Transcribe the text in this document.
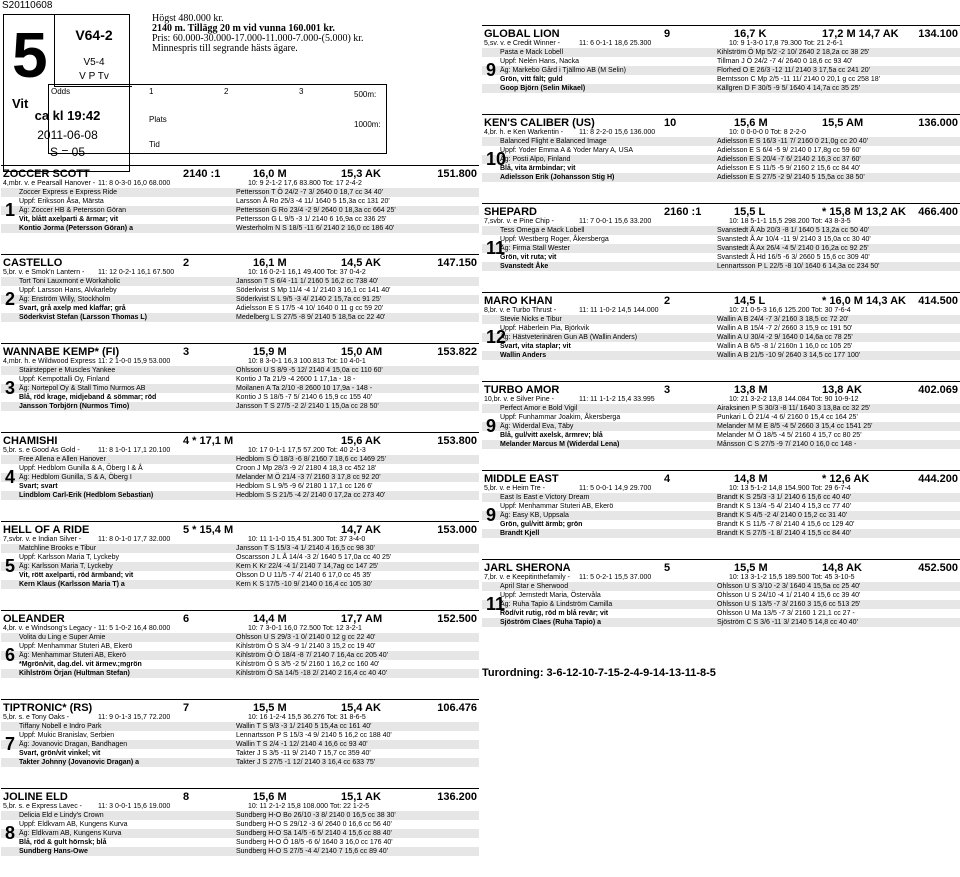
S20110608
5	V64-2
V5-4
V P Tv
Vit
ca kl 19:42
2011-06-08
S = 05
Högst 480.000 kr.
2140 m. Tillägg 20 m vid vunna 160.001 kr.
Pris: 60.000-30.000-17.000-11.000-7.000-(5.000) kr.
Minnespris till segrande hästs ägare.
Odds	1	2	3
Plats
Tid
500m:
1000m:
ZOCCER SCOTT	2140 :1	16,0 M	15,3 AK	151.800
4,mbr. v. e Pearsall Hanover - 11: 8 0-3-0 16,0 68.000	10: 9 2-1-2 17,6 83.800 Tot: 17 2-4-2
Zoccer Express e Express Ride	Pettersson T Ö 24/2 -7 3/ 2640 0 18,7 cc 34 40'
Uppf: Eriksson Åsa, Märsta	Larsson Å Ro 25/3 -4 11/ 1640 5 15,3a cc 131 20'
Äg: Zoccer HB & Petersson Göran	Pettersson G Ro 23/4 -2 9/ 2640 0 18,3a cc 664 25'
Vit, blått axelparti & ärmar; vit	Pettersson G L 9/5 -3 1/ 2140 6 16,9a cc 336 25'
Kontio Jorma (Petersson Göran) a	Westerholm N S 18/5 -11 6/ 2140 2 16,0 cc 186 40'
1
CASTELLO	2	16,1 M	14,5 AK	147.150
5,br. v. e Smok'n Lantern -	11: 12 0-2-1 16,1 67.500	10: 16 0-2-1 16,1 49.400 Tot: 37 0-4-2
Tort Toni Lauxmont e Workaholic	Jansson T S 6/4 -11 1/ 2160 5 16,2 cc 738 40'
Uppf: Larsson Hans, Alvkarleby	Söderkvist S Mp 11/4 -4 1/ 2140 3 16,1 cc 141 40'
Äg: Enström Willy, Stockholm	Söderkvist S L 9/5 -3 4/ 2140 2 15,7a cc 91 25'
Svart, grå axelp med klaffar; grå	Adielsson E S 17/5 -4 10/ 1640 0 11 g cc 59 20'
Söderkvist Stefan (Larsson Thomas L)	Medelberg L S 27/5 -8 9/ 2140 5 18,5a cc 22 40'
2
WANNABE KEMP* (FI)	3	15,9 M	15,0 AM	153.822
4,mbr. h. e Wildwood Express 11: 2 1-0-0 15,9 53.000	10: 8 3-0-1 16,3 100.813 Tot: 10 4-0-1
Stairstepper e Muscles Yankee	Ohlsson U S 8/9 -5 12/ 2140 4 15,0a cc 110 60'
Uppf: Kempottalli Oy, Finland	Kontio J Ta 21/9 -4 2600 1 17,1a - 18 -
Äg: Nortepol Oy & Stall Timo Nurmos AB	Moilanen A Ta 2/10 -8 2600 10 17,9a - 148 -
Blå, röd krage, midjeband & sömmar; röd	Kontio J S 18/5 -7 5/ 2140 6 15,9 cc 155 40'
Jansson Torbjörn (Nurmos Timo)	Jansson T S 27/5 -2 2/ 2140 1 15,0a cc 28 50'
3
CHAMISHI	4 * 17,1 M	15,6 AK	153.800
5,br. s. e Good As Gold -	11: 8 1-0-1 17,1 20.100	10: 17 0-1-1 17,5 57.200 Tot: 40 2-1-3
Free Allena e Allen Hanover	Hedblom S Ö 18/3 -6 8/ 2160 7 18,6 cc 1469 25'
Uppf: Hedblom Gunilla & A, Öberg I & Å	Croon J Mp 28/3 -9 2/ 2180 4 18,3 cc 452 18'
Äg: Hedblom Gunilla, S & A, Öberg I	Melander M Ö 21/4 -3 7/ 2160 3 17,8 cc 92 20'
Svart; svart	Hedblom S L 9/5 -9 6/ 2180 1 17,1 cc 126 6'
Lindblom Carl-Erik (Hedblom Sebastian)	Hedblom S S 21/5 -4 2/ 2140 0 17,2a cc 273 40'
4
HELL OF A RIDE	5 * 15,4 M	14,7 AK	153.000
7,svbr. v. e Indian Silver -	11: 8 0-1-0 17,7 32.000	10: 11 1-1-0 15,4 51.300 Tot: 37 3-4-0
Matchline Brooks e Tibur	Jansson T S 15/3 -4 1/ 2140 4 16,5 cc 98 30'
Uppf: Karlsson Maria T, Lyckeby	Oscarsson J L Å 14/4 -3 2/ 1640 5 17,0a cc 40 25'
Äg: Karlsson Maria T, Lyckeby	Kern K Kr 22/4 -4 1/ 2140 7 14,7ag cc 147 25'
Vit, rött axelparti, röd ärmband; vit	Olsson D U 11/5 -7 4/ 2140 6 17,0 cc 45 35'
Kern Klaus (Karlsson Maria T) a	Kern K S 17/5 -10 9/ 2140 0 16,4 cc 105 30'
5
OLEANDER	6	14,4 M	17,7 AM	152.500
4,br. v. e Windsong's Legacy - 11: 5 1-0-2 16,4 80.000	10: 7 3-0-1 16,0 72.500 Tot: 12 3-2-1
Volita du Ling e Super Arnie	Ohlsson U S 29/3 -1 0/ 2140 0 12 g cc 22 40'
Uppf: Menhammar Stuteri AB, Ekerö	Kihlström Ö S 3/4 -9 1/ 2140 3 15,2 cc 19 40'
Äg: Menhammar Stuteri AB, Ekerö	Kihlström Ö Ö 18/4 -8 7/ 2140 7 16,4a cc 205 40'
*Mgrön/vit, dag.del. vit ärmev.;mgrön	Kihlström Ö S 3/5 -2 5/ 2160 1 16,2 cc 160 40'
Kihlström Örjan (Hultman Stefan)	Kihlström Ö Sä 14/5 -18 2/ 2140 2 16,4 cc 40 40'
6
TIPTRONIC* (RS)	7	15,5 M	15,4 AK	106.476
5,br. s. e Tony Oaks -	11: 9 0-1-3 15,7 72.200	10: 16 1-2-4 15,5 36.276 Tot: 31 8-6-5
Tiffany Nobell e Indro Park	Wallin T S 9/3 -3 1/ 2140 5 15,4a cc 161 40'
Uppf: Mukic Branislav, Serbien	Lennartsson P S 15/3 -4 9/ 2140 5 16,2 cc 188 40'
Äg: Jovanovic Dragan, Bandhagen	Wallin T S 2/4 -1 12/ 2140 4 16,6 cc 93 40'
Svart, grön/vit vinkel; vit	Takter J S 3/5 -11 9/ 2140 7 15,7 cc 359 40'
Takter Johnny (Jovanovic Dragan) a	Takter J S 27/5 -1 12/ 2140 3 16,4 cc 633 75'
7
JOLINE ELD	8	15,6 M	15,1 AK	136.200
5,br. s. e Express Lavec -	11: 3 0-0-1 15,6 19.000	10: 11 2-1-2 15,8 108.000 Tot: 22 1-2-5
Delicia Eld e Lindy's Crown	Sundberg H-O Bo 26/10 -3 8/ 2140 0 16,5 cc 38 30'
Uppf: Eldkvarn AB, Kungens Kurva	Sundberg H-O S 29/12 -3 6/ 2640 0 16,6 cc 56 40'
Äg: Eldkvarn AB, Kungens Kurva	Sundberg H-O Sä 14/5 -6 5/ 2140 4 15,6 cc 88 40'
Blå, röd & gult hörnsk; blå	Sundberg H-O Ö 18/5 -6 6/ 1640 3 16,0 cc 176 40'
Sundberg Hans-Owe	Sundberg H-O S 27/5 -4 4/ 2140 7 15,6 cc 89 40'
8
GLOBAL LION	9	16,7 K	17,2 M 14,7 AK	134.100
5,sv. v. e Credit Winner -	11: 6 0-1-1 18,6 25.300	10: 9 1-3-0 17,8 79.300 Tot: 21 2-6-1
Pasta e Mack Lobell	Kihlström Ö Mp 5/2 -2 10/ 2640 2 18,2a cc 38 25'
Uppf: Nelén Hans, Nacka	Tillman J Ö 24/2 -7 4/ 2640 0 18,6 cc 93 40'
Äg: Markebo Gård i Tjällmo AB (M Selin)	Florhed O E 26/3 -12 11/ 2140 3 17,5a cc 241 20'
Grön, vitt fält; guld	Berntsson C Mp 2/5 -11 11/ 2140 0 20,1 g cc 258 18'
Goop Björn (Selin Mikael)	Källgren D F 30/5 -9 5/ 1640 4 14,7a cc 35 25'
9
KEN'S CALIBER (US)	10	15,6 M	15,5 AM	136.000
4,br. h. e Ken Warkentin -	11: 8 2-2-0 15,6 136.000	10: 0 0-0-0 0 Tot: 8 2-2-0
Balanced Flight e Balanced Image	Adielsson E S 16/3 -11 7/ 2160 0 21,0g cc 20 40'
Uppf: Yoder Emma A & Yoder Mary A, USA	Adielsson E S 6/4 -5 9/ 2140 0 17,8g cc 59 60'
Äg: Posti Alpo, Finland	Adielsson E S 20/4 -7 6/ 2140 2 16,3 cc 37 60'
Blå, vita ärmbindar; vit	Adielsson E S 11/5 -5 9/ 2160 2 15,6 cc 84 40'
Adielsson Erik (Johansson Stig H)	Adielsson E S 27/5 -2 9/ 2140 5 15,5a cc 38 50'
10
SHEPARD	2160 :1	15,5 L	* 15,8 M 13,2 AK	466.400
7,svbr. v. e Pine Chip -	11: 7 0-0-1 15,6 33.200	10: 18 5-1-1 15,5 298.200 Tot: 43 8-3-5
Tess Omega e Mack Lobell	Svanstedt Å Ab 20/3 -8 1/ 1640 5 13,2a cc 50 40'
Uppf: Westberg Roger, Åkersberga	Svanstedt Å Ar 10/4 -11 9/ 2140 3 15,0a cc 30 40'
Äg: Firma Stall Wester	Svanstedt Å Ax 26/4 -4 5/ 2140 0 16,2a cc 92 25'
Grön, vit ruta; vit	Svanstedt Å Hd 16/5 -6 3/ 2660 5 15,6 cc 309 40'
Svanstedt Åke	Lennartsson P L 22/5 -8 10/ 1640 6 14,3a cc 234 50'
11
MARO KHAN	2	14,5 L	* 16,0 M 14,3 AK	414.500
8,br. v. e Turbo Thrust -	11: 11 1-0-2 14,5 144.000	10: 21 0-5-3 16,6 125.200 Tot: 30 7-6-4
Stevie Nicks e Tibur	Wallin A B 24/4 -7 3/ 2160 3 18,5 cc 72 20'
Uppf: Häberlein Pia, Björkvik	Wallin A B 15/4 -7 2/ 2660 3 15,9 cc 191 50'
Äg: Hästveterinären Gun AB (Wallin Anders)	Wallin A U 30/4 -2 9/ 1640 0 14,6a cc 78 25'
Svart, vita staplar; vit	Wallin A B 6/5 -8 1/ 2160n 1 16,0 cc 105 25'
Wallin Anders	Wallin A B 21/5 -10 9/ 2640 3 14,5 cc 177 100'
12
TURBO AMOR	3	13,8 M	13,8 AK	402.069
10,br. v. e Silver Pine -	11: 11 1-1-2 15,4 33.995	10: 21 3-2-2 13,8 144.084 Tot: 90 10-9-12
Perfect Amor e Bold Vigil	Airaksinen P S 30/3 -8 11/ 1640 3 13,8a cc 32 25'
Uppf: Funhammar Joakim, Åkersberga	Punkari L Ö 21/4 -4 6/ 2160 0 15,4 cc 164 25'
Äg: Widerdal Eva, Täby	Melander M M E 8/5 -4 5/ 2660 3 15,4 cc 1541 25'
Blå, gul/vitt axelsk, ärmrev; blå	Melander M Ö 18/5 -4 5/ 2160 4 15,7 cc 80 25'
Melander Marcus M (Widerdal Lena)	Månsson C S 27/5 -9 7/ 2140 0 16,0 cc 148 -
9
MIDDLE EAST	4	14,8 M	* 12,6 AK	444.200
5,br. v. e Heim Tre -	11: 5 0-0-1 14,9 29.700	10: 13 5-1-2 14,8 154.900 Tot: 29 6-7-4
East Is East e Victory Dream	Brandt K S 25/3 -3 1/ 2140 6 15,6 cc 40 40'
Uppf: Menhammar Stuteri AB, Ekerö	Brandt K S 13/4 -5 4/ 2140 4 15,3 cc 77 40'
Äg: Easy KB, Uppsala	Brandt K S 4/5 -2 4/ 2140 0 15,2 cc 31 40'
Grön, gul/vitt ärmb; grön	Brandt K S 11/5 -7 8/ 2140 4 15,6 cc 129 40'
Brandt Kjell	Brandt K S 27/5 -1 8/ 2140 4 15,5 cc 84 40'
9
JARL SHERONA	5	15,5 M	14,8 AK	452.500
7,br. v. e Keepitinthefamily -	11: 5 0-2-1 15,5 37.000	10: 13 3-1-2 15,5 189.500 Tot: 45 3-10-5
April Star e Sherwood	Ohlsson U S 3/10 -2 3/ 1640 4 15,5a cc 25 40'
Uppf: Jernstedt Maria, Östervåla	Ohlsson U S 24/10 -4 1/ 2140 4 15,6 cc 39 40'
Äg: Ruha Tapio & Lindström Camilla	Ohlsson U S 13/5 -7 3/ 2160 3 15,6 cc 513 25'
Röd/vit rutig, röd m blå revär; vit	Ohlsson U Ma 13/5 -7 3/ 2160 1 21,1 cc 27 -
Sjöström Claes (Ruha Tapio) a	Sjöström C S 3/6 -11 3/ 2140 5 14,8 cc 40 40'
11
Turordning: 3-6-12-10-7-15-2-4-9-14-13-11-8-5
